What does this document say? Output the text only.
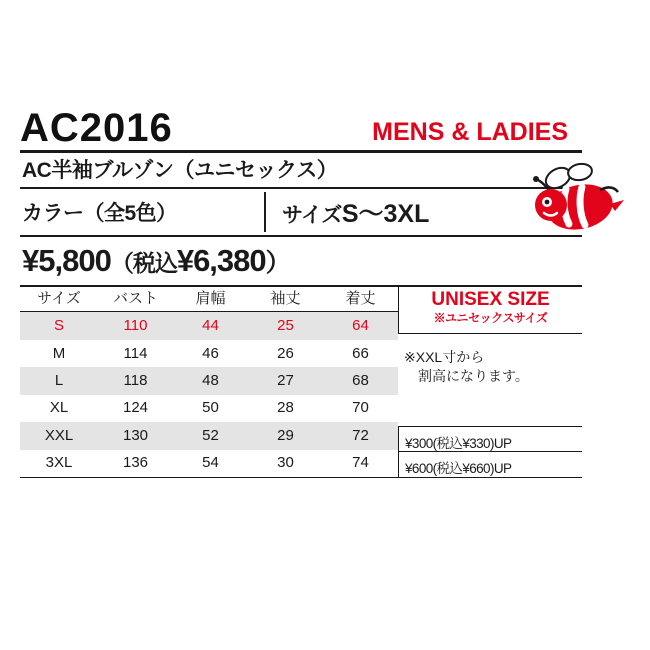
AC2016	MENS & LADIES
AC半袖ブルゾン（ユニセックス）
カラー（全5色）	サイズS〜3XL
¥5,800（税込¥6,380）
サイズ	バスト	肩幅	袖丈	着丈
S	110	44	25	64
M	114	46	26	66
L	118	48	27	68
XL	124	50	28	70
XXL	130	52	29	72
3XL	136	54	30	74
UNISEX SIZE
※ユニセックスサイズ
※XXL寸から
割高になります。
¥300(税込¥330)UP
¥600(税込¥660)UP
